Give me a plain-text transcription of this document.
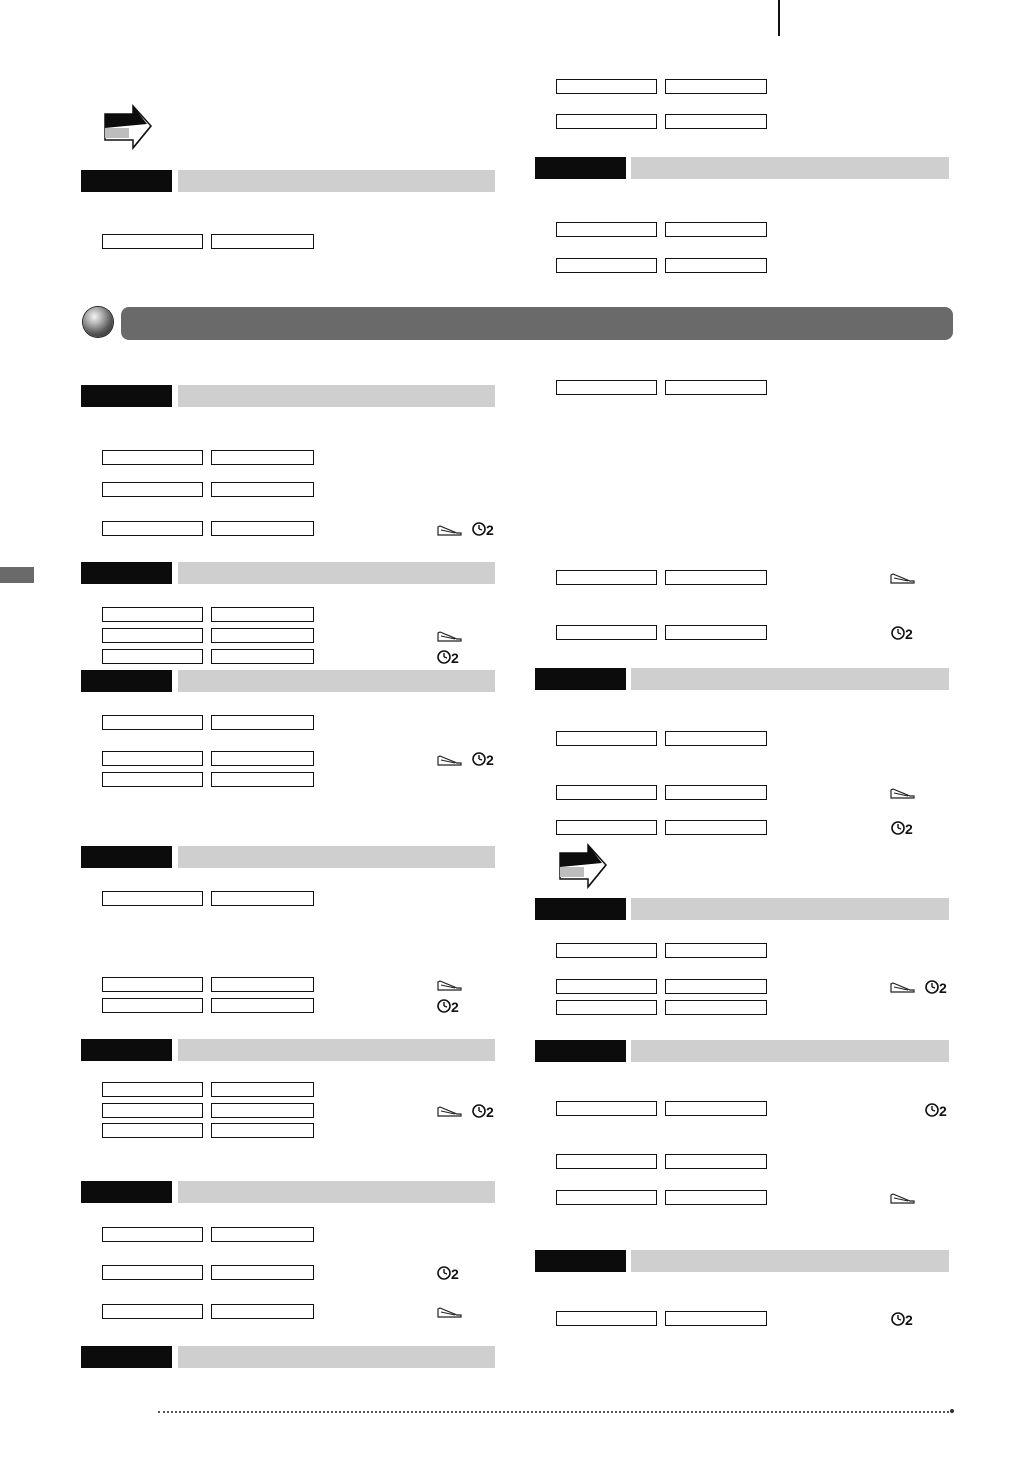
2
2
2
2
2
2
2
2
2
2
2
